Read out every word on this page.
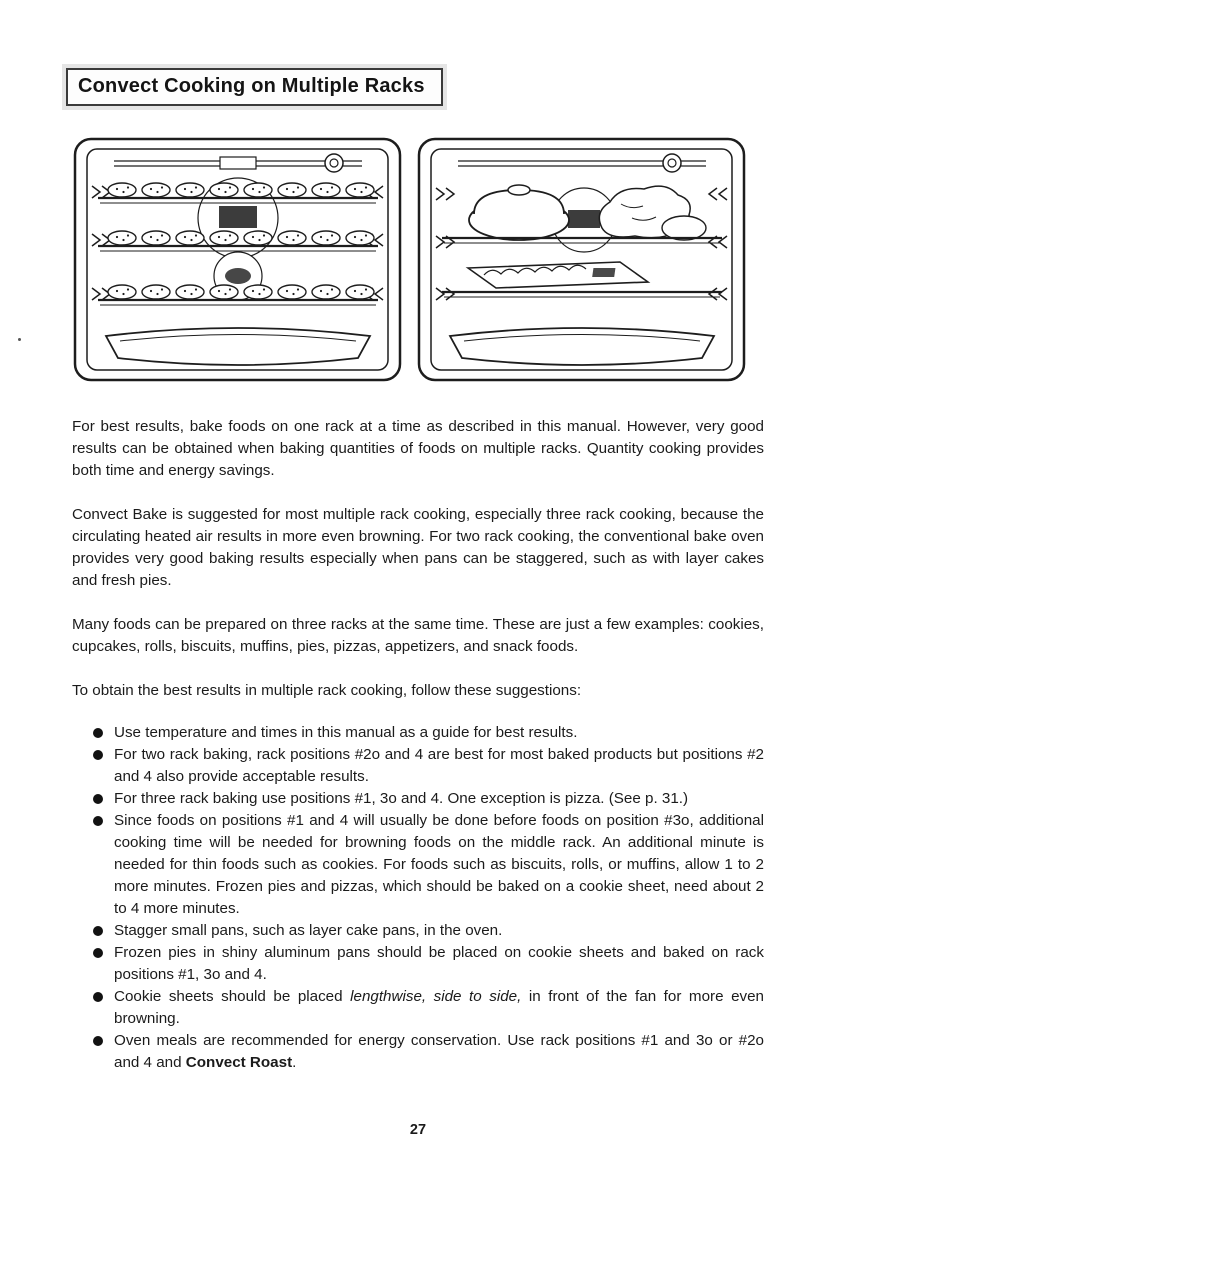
Convect Cooking on Multiple Racks

For best results, bake foods on one rack at a time as described in this manual. However, very good results can be obtained when baking quantities of foods on multiple racks. Quantity cooking provides both time and energy savings.

Convect Bake is suggested for most multiple rack cooking, especially three rack cooking, because the circulating heated air results in more even browning. For two rack cooking, the conventional bake oven provides very good baking results especially when pans can be staggered, such as with layer cakes and fresh pies.

Many foods can be prepared on three racks at the same time. These are just a few examples: cookies, cupcakes, rolls, biscuits, muffins, pies, pizzas, appetizers, and snack foods.

To obtain the best results in multiple rack cooking, follow these suggestions:

Use temperature and times in this manual as a guide for best results.
For two rack baking, rack positions #2o and 4 are best for most baked products but positions #2 and 4 also provide acceptable results.
For three rack baking use positions #1, 3o and 4. One exception is pizza. (See p. 31.)
Since foods on positions #1 and 4 will usually be done before foods on position #3o, additional cooking time will be needed for browning foods on the middle rack. An additional minute is needed for thin foods such as cookies. For foods such as biscuits, rolls, or muffins, allow 1 to 2 more minutes. Frozen pies and pizzas, which should be baked on a cookie sheet, need about 2 to 4 more minutes.
Stagger small pans, such as layer cake pans, in the oven.
Frozen pies in shiny aluminum pans should be placed on cookie sheets and baked on rack positions #1, 3o and 4.
Cookie sheets should be placed lengthwise, side to side, in front of the fan for more even browning.
Oven meals are recommended for energy conservation. Use rack positions #1 and 3o or #2o and 4 and Convect Roast.
27
